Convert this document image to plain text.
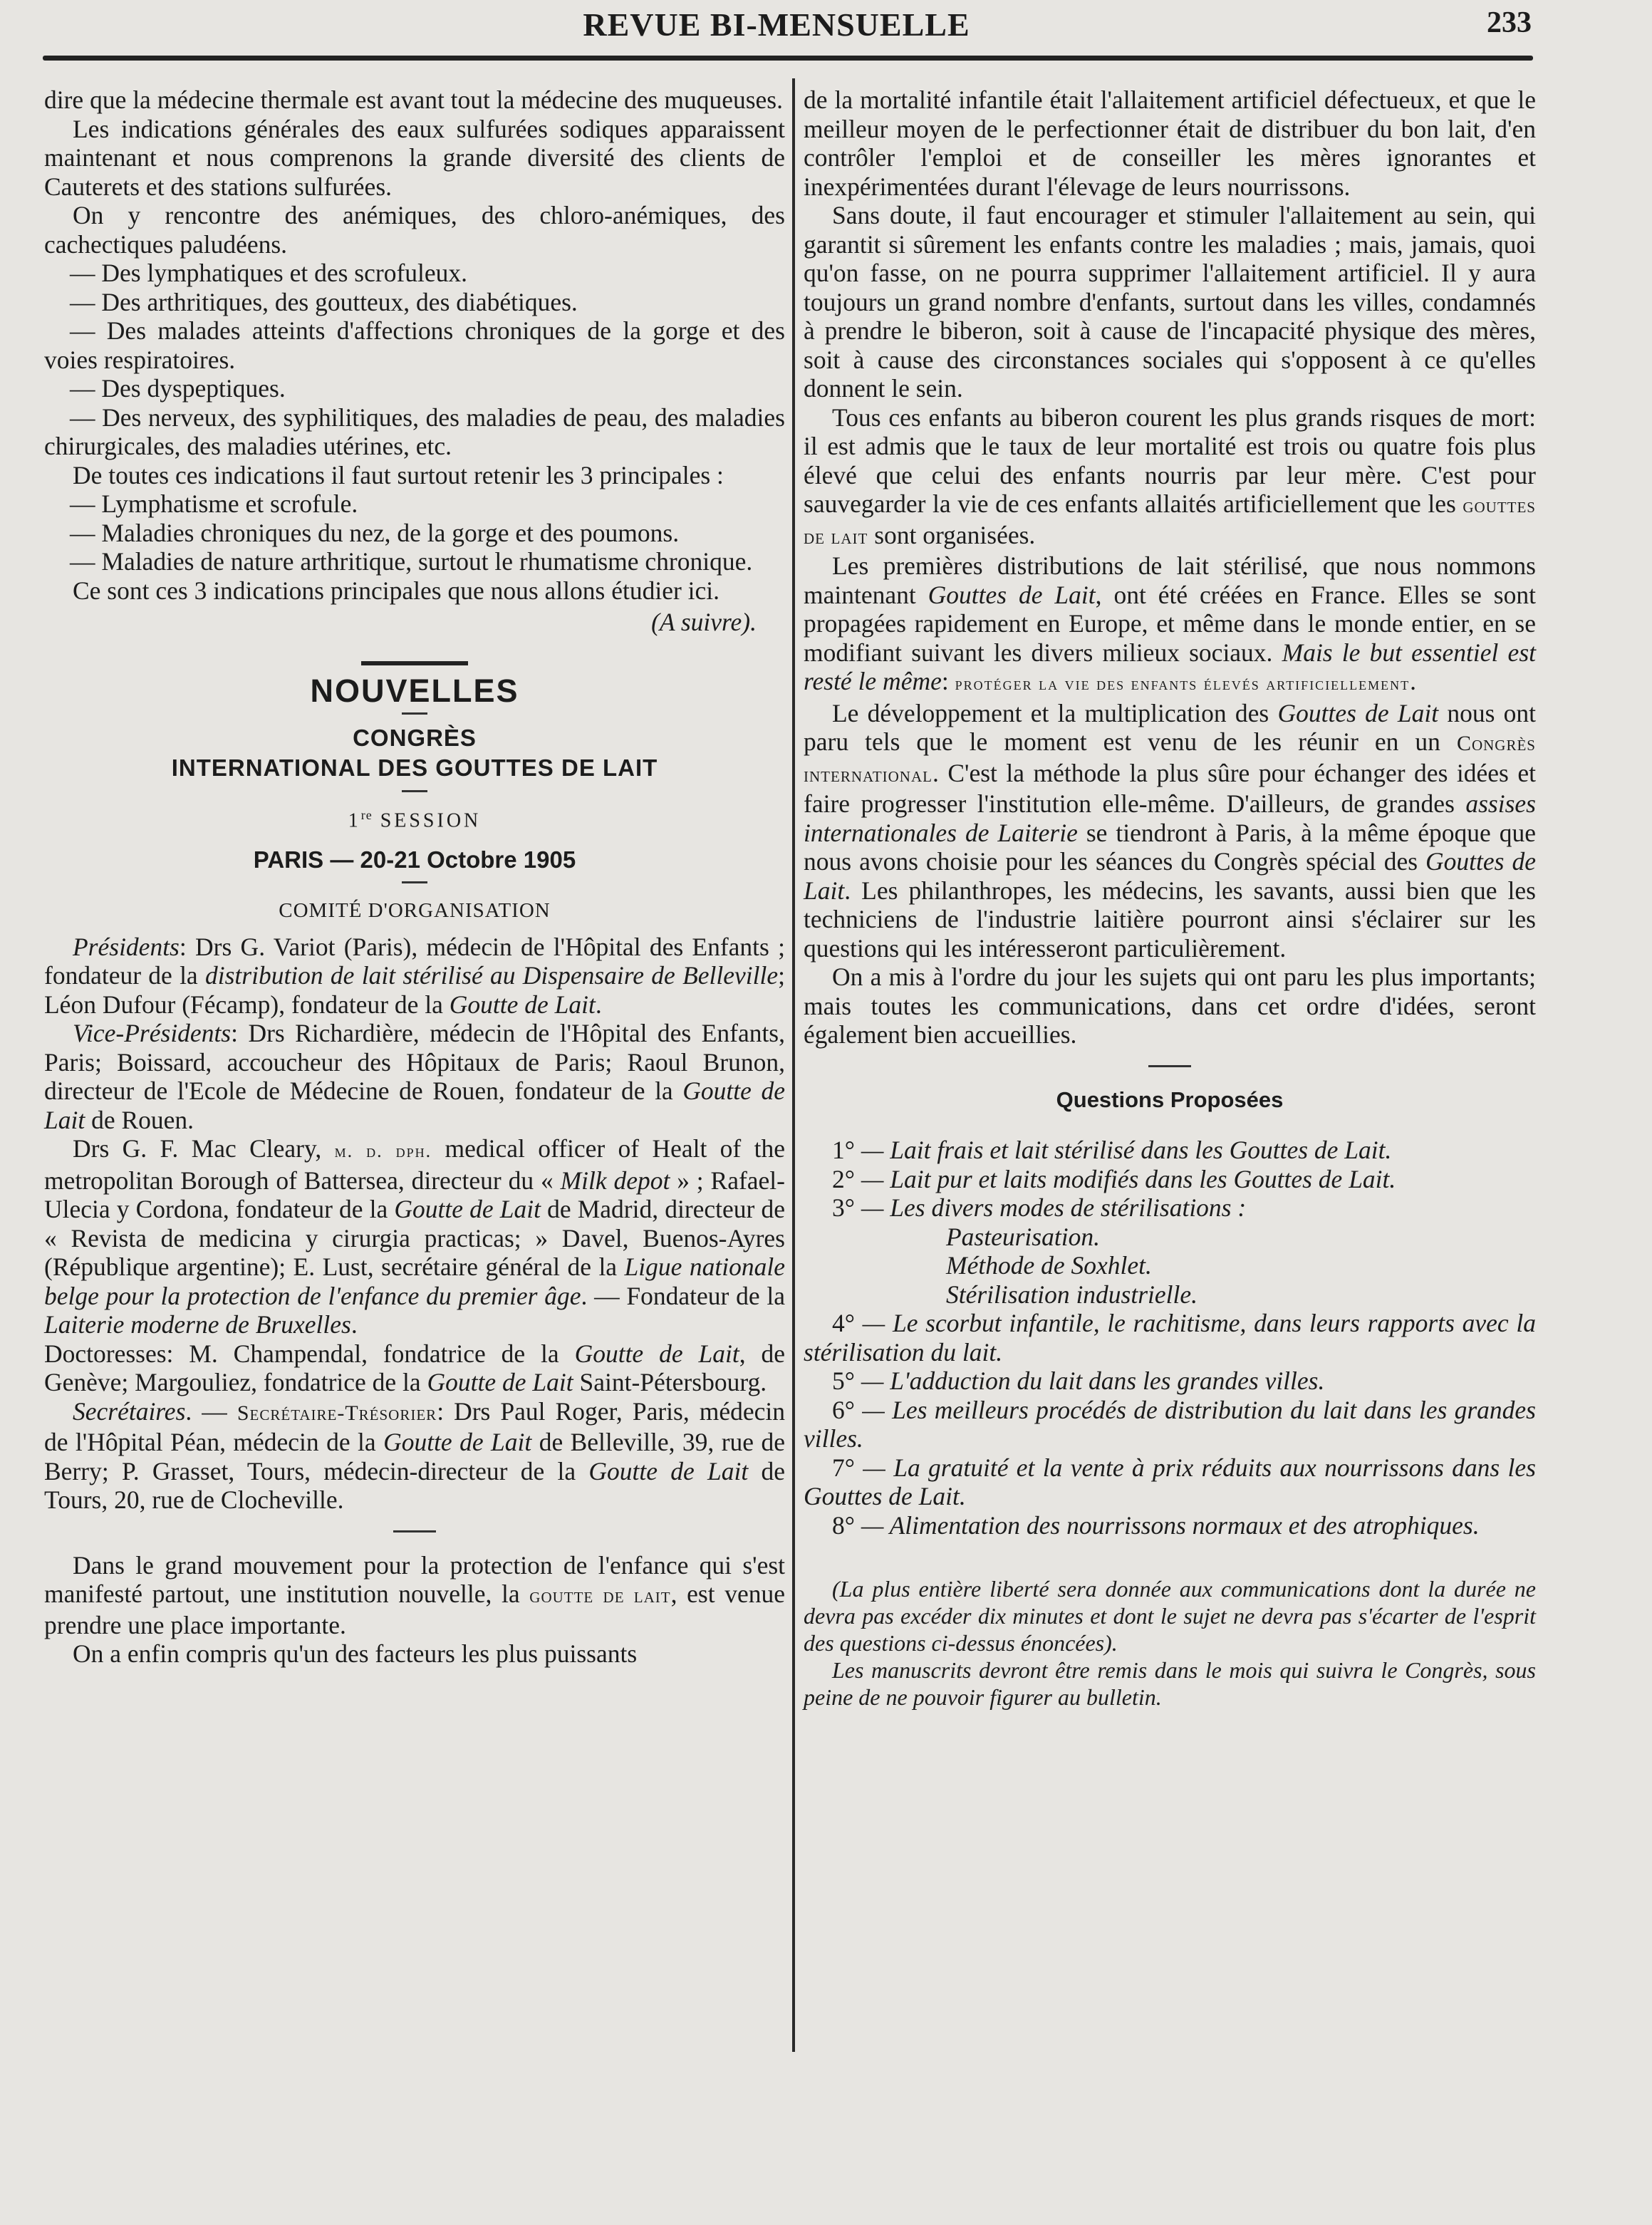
REVUE BI-MENSUELLE	233

dire que la médecine thermale est avant tout la médecine des muqueuses.

Les indications générales des eaux sulfurées sodiques apparaissent maintenant et nous comprenons la grande diversité des clients de Cauterets et des stations sulfurées.

On y rencontre des anémiques, des chloro-anémiques, des cachectiques paludéens.

— Des lymphatiques et des scrofuleux.

— Des arthritiques, des goutteux, des diabétiques.

— Des malades atteints d'affections chroniques de la gorge et des voies respiratoires.

— Des dyspeptiques.

— Des nerveux, des syphilitiques, des maladies de peau, des maladies chirurgicales, des maladies utérines, etc.

De toutes ces indications il faut surtout retenir les 3 principales :

— Lymphatisme et scrofule.

— Maladies chroniques du nez, de la gorge et des poumons.

— Maladies de nature arthritique, surtout le rhumatisme chronique.

Ce sont ces 3 indications principales que nous allons étudier ici.

(A suivre).
NOUVELLES
CONGRÈS
INTERNATIONAL DES GOUTTES DE LAIT
1re SESSION
PARIS — 20-21 Octobre 1905
COMITÉ D'ORGANISATION

Présidents: Drs G. Variot (Paris), médecin de l'Hôpital des Enfants ; fondateur de la distribution de lait stérilisé au Dispensaire de Belleville; Léon Dufour (Fécamp), fondateur de la Goutte de Lait.

Vice-Présidents: Drs Richardière, médecin de l'Hôpital des Enfants, Paris; Boissard, accoucheur des Hôpitaux de Paris; Raoul Brunon, directeur de l'Ecole de Médecine de Rouen, fondateur de la Goutte de Lait de Rouen.

Drs G. F. Mac Cleary, m. d. dph. medical officer of Healt of the metropolitan Borough of Battersea, directeur du « Milk depot » ; Rafael-Ulecia y Cordona, fondateur de la Goutte de Lait de Madrid, directeur de « Revista de medicina y cirurgia practicas; » Davel, Buenos-Ayres (République argentine); E. Lust, secrétaire général de la Ligue nationale belge pour la protection de l'enfance du premier âge. — Fondateur de la Laiterie moderne de Bruxelles.

Doctoresses: M. Champendal, fondatrice de la Goutte de Lait, de Genève; Margouliez, fondatrice de la Goutte de Lait Saint-Pétersbourg.

Secrétaires. — Secrétaire-Trésorier: Drs Paul Roger, Paris, médecin de l'Hôpital Péan, médecin de la Goutte de Lait de Belleville, 39, rue de Berry; P. Grasset, Tours, médecin-directeur de la Goutte de Lait de Tours, 20, rue de Clocheville.

Dans le grand mouvement pour la protection de l'enfance qui s'est manifesté partout, une institution nouvelle, la goutte de lait, est venue prendre une place importante.

On a enfin compris qu'un des facteurs les plus puissants

de la mortalité infantile était l'allaitement artificiel défectueux, et que le meilleur moyen de le perfectionner était de distribuer du bon lait, d'en contrôler l'emploi et de conseiller les mères ignorantes et inexpérimentées durant l'élevage de leurs nourrissons.

Sans doute, il faut encourager et stimuler l'allaitement au sein, qui garantit si sûrement les enfants contre les maladies ; mais, jamais, quoi qu'on fasse, on ne pourra supprimer l'allaitement artificiel. Il y aura toujours un grand nombre d'enfants, surtout dans les villes, condamnés à prendre le biberon, soit à cause de l'incapacité physique des mères, soit à cause des circonstances sociales qui s'opposent à ce qu'elles donnent le sein.

Tous ces enfants au biberon courent les plus grands risques de mort: il est admis que le taux de leur mortalité est trois ou quatre fois plus élevé que celui des enfants nourris par leur mère. C'est pour sauvegarder la vie de ces enfants allaités artificiellement que les gouttes de lait sont organisées.

Les premières distributions de lait stérilisé, que nous nommons maintenant Gouttes de Lait, ont été créées en France. Elles se sont propagées rapidement en Europe, et même dans le monde entier, en se modifiant suivant les divers milieux sociaux. Mais le but essentiel est resté le même: protéger la vie des enfants élevés artificiellement.

Le développement et la multiplication des Gouttes de Lait nous ont paru tels que le moment est venu de les réunir en un Congrès international. C'est la méthode la plus sûre pour échanger des idées et faire progresser l'institution elle-même. D'ailleurs, de grandes assises internationales de Laiterie se tiendront à Paris, à la même époque que nous avons choisie pour les séances du Congrès spécial des Gouttes de Lait. Les philanthropes, les médecins, les savants, aussi bien que les techniciens de l'industrie laitière pourront ainsi s'éclairer sur les questions qui les intéresseront particulièrement.

On a mis à l'ordre du jour les sujets qui ont paru les plus importants; mais toutes les communications, dans cet ordre d'idées, seront également bien accueillies.

Questions Proposées

1° — Lait frais et lait stérilisé dans les Gouttes de Lait.

2° — Lait pur et laits modifiés dans les Gouttes de Lait.

3° — Les divers modes de stérilisations :

Pasteurisation.

Méthode de Soxhlet.

Stérilisation industrielle.

4° — Le scorbut infantile, le rachitisme, dans leurs rapports avec la stérilisation du lait.

5° — L'adduction du lait dans les grandes villes.

6° — Les meilleurs procédés de distribution du lait dans les grandes villes.

7° — La gratuité et la vente à prix réduits aux nourrissons dans les Gouttes de Lait.

8° — Alimentation des nourrissons normaux et des atrophiques.

(La plus entière liberté sera donnée aux communications dont la durée ne devra pas excéder dix minutes et dont le sujet ne devra pas s'écarter de l'esprit des questions ci-dessus énoncées).

Les manuscrits devront être remis dans le mois qui suivra le Congrès, sous peine de ne pouvoir figurer au bulletin.
